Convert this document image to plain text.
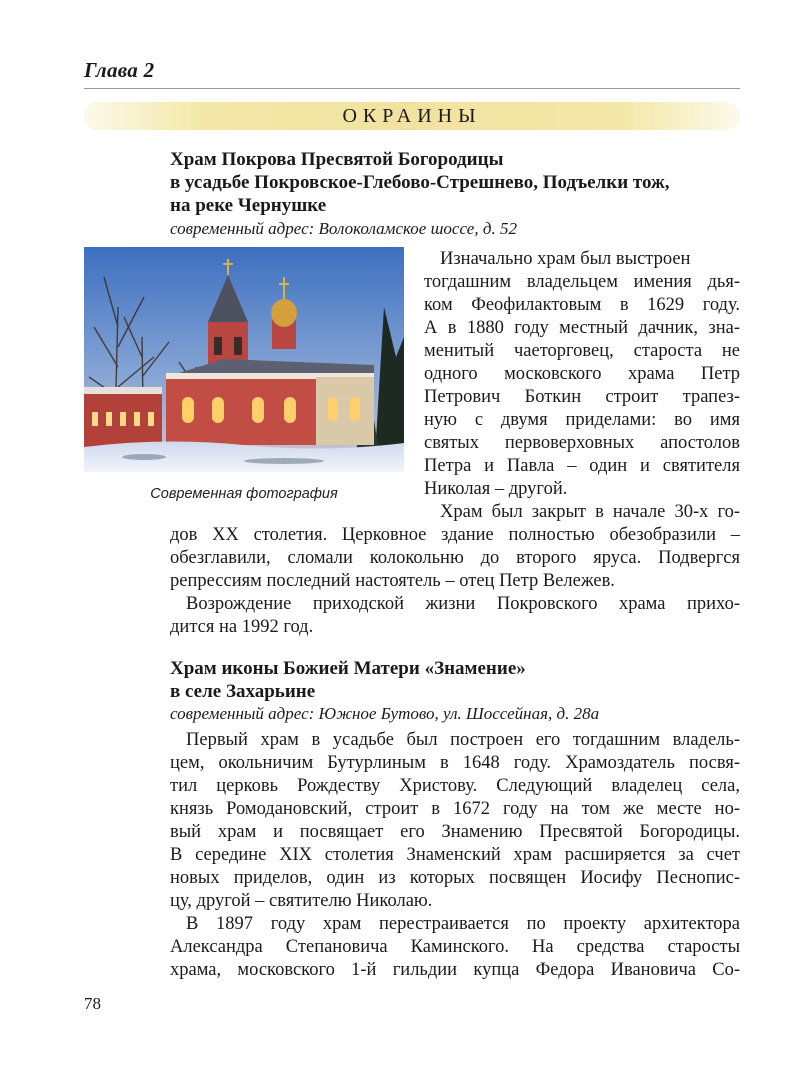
Глава 2
ОКРАИНЫ
Храм Покрова Пресвятой Богородицы
в усадьбе Покровское-Глебово-Стрешнево, Подъелки тож,
на реке Чернушке
современный адрес: Волоколамское шоссе, д. 52
Современная фотография
Изначально храм был выстроен
тогдашним владельцем имения дья-
ком Феофилактовым в 1629 году.
А в 1880 году местный дачник, зна-
менитый чаеторговец, староста не
одного московского храма Петр
Петрович Боткин строит трапез-
ную с двумя приделами: во имя
святых первоверховных апостолов
Петра и Павла – один и святителя
Николая – другой.
Храм был закрыт в начале 30-х го-
дов XX столетия. Церковное здание полностью обезобразили –
обезглавили, сломали колокольню до второго яруса. Подвергся
репрессиям последний настоятель – отец Петр Вележев.
Возрождение приходской жизни Покровского храма прихо-
дится на 1992 год.
Храм иконы Божией Матери «Знамение»
в селе Захарьине
современный адрес: Южное Бутово, ул. Шоссейная, д. 28а
Первый храм в усадьбе был построен его тогдашним владель-
цем, окольничим Бутурлиным в 1648 году. Храмоздатель посвя-
тил церковь Рождеству Христову. Следующий владелец села,
князь Ромодановский, строит в 1672 году на том же месте но-
вый храм и посвящает его Знамению Пресвятой Богородицы.
В середине XIX столетия Знаменский храм расширяется за счет
новых приделов, один из которых посвящен Иосифу Песнопис-
цу, другой – святителю Николаю.
В 1897 году храм перестраивается по проекту архитектора
Александра Степановича Каминского. На средства старосты
храма, московского 1-й гильдии купца Федора Ивановича Со-
78
